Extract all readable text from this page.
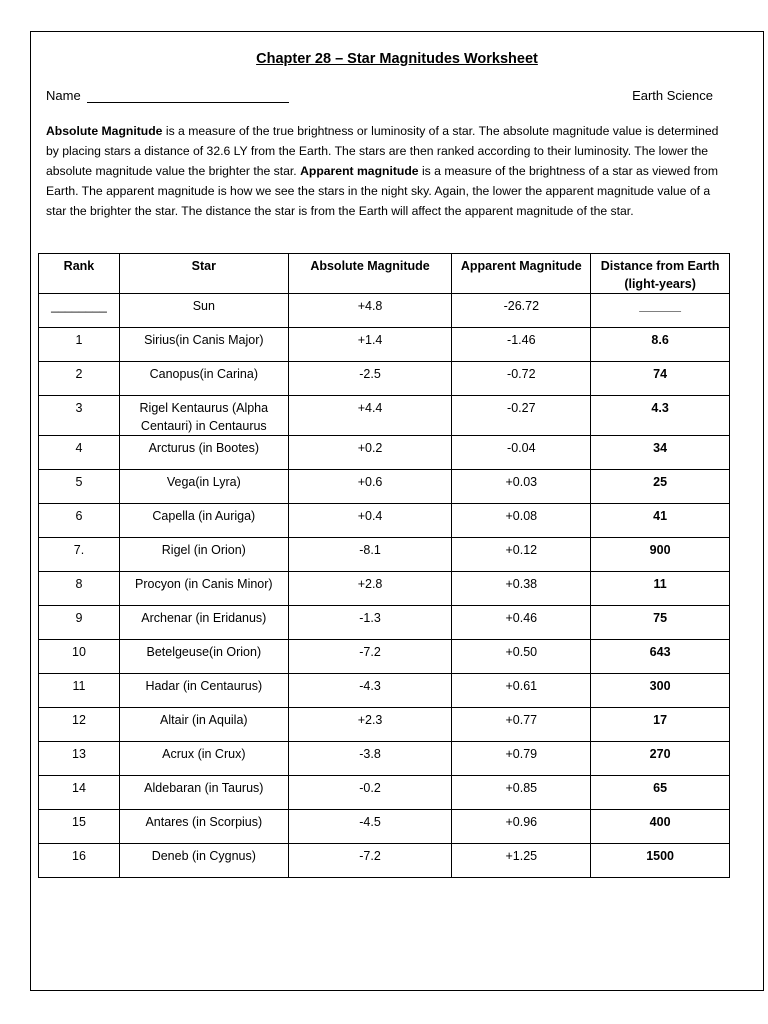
Chapter 28 – Star Magnitudes Worksheet
Name	Earth Science
Absolute Magnitude is a measure of the true brightness or luminosity of a star. The absolute magnitude value is determined by placing stars a distance of 32.6 LY from the Earth. The stars are then ranked according to their luminosity. The lower the absolute magnitude value the brighter the star. Apparent magnitude is a measure of the brightness of a star as viewed from Earth. The apparent magnitude is how we see the stars in the night sky. Again, the lower the apparent magnitude value of a star the brighter the star. The distance the star is from the Earth will affect the apparent magnitude of the star.
Rank	Star	Absolute Magnitude	Apparent Magnitude	Distance from Earth (light-years)
________	Sun	+4.8	-26.72	______
1	Sirius(in Canis Major)	+1.4	-1.46	8.6
2	Canopus(in Carina)	-2.5	-0.72	74
3	Rigel Kentaurus (Alpha Centauri) in Centaurus	+4.4	-0.27	4.3
4	Arcturus (in Bootes)	+0.2	-0.04	34
5	Vega(in Lyra)	+0.6	+0.03	25
6	Capella (in Auriga)	+0.4	+0.08	41
7.	Rigel (in Orion)	-8.1	+0.12	900
8	Procyon (in Canis Minor)	+2.8	+0.38	11
9	Archenar (in Eridanus)	-1.3	+0.46	75
10	Betelgeuse(in Orion)	-7.2	+0.50	643
11	Hadar (in Centaurus)	-4.3	+0.61	300
12	Altair (in Aquila)	+2.3	+0.77	17
13	Acrux (in Crux)	-3.8	+0.79	270
14	Aldebaran (in Taurus)	-0.2	+0.85	65
15	Antares (in Scorpius)	-4.5	+0.96	400
16	Deneb (in Cygnus)	-7.2	+1.25	1500
